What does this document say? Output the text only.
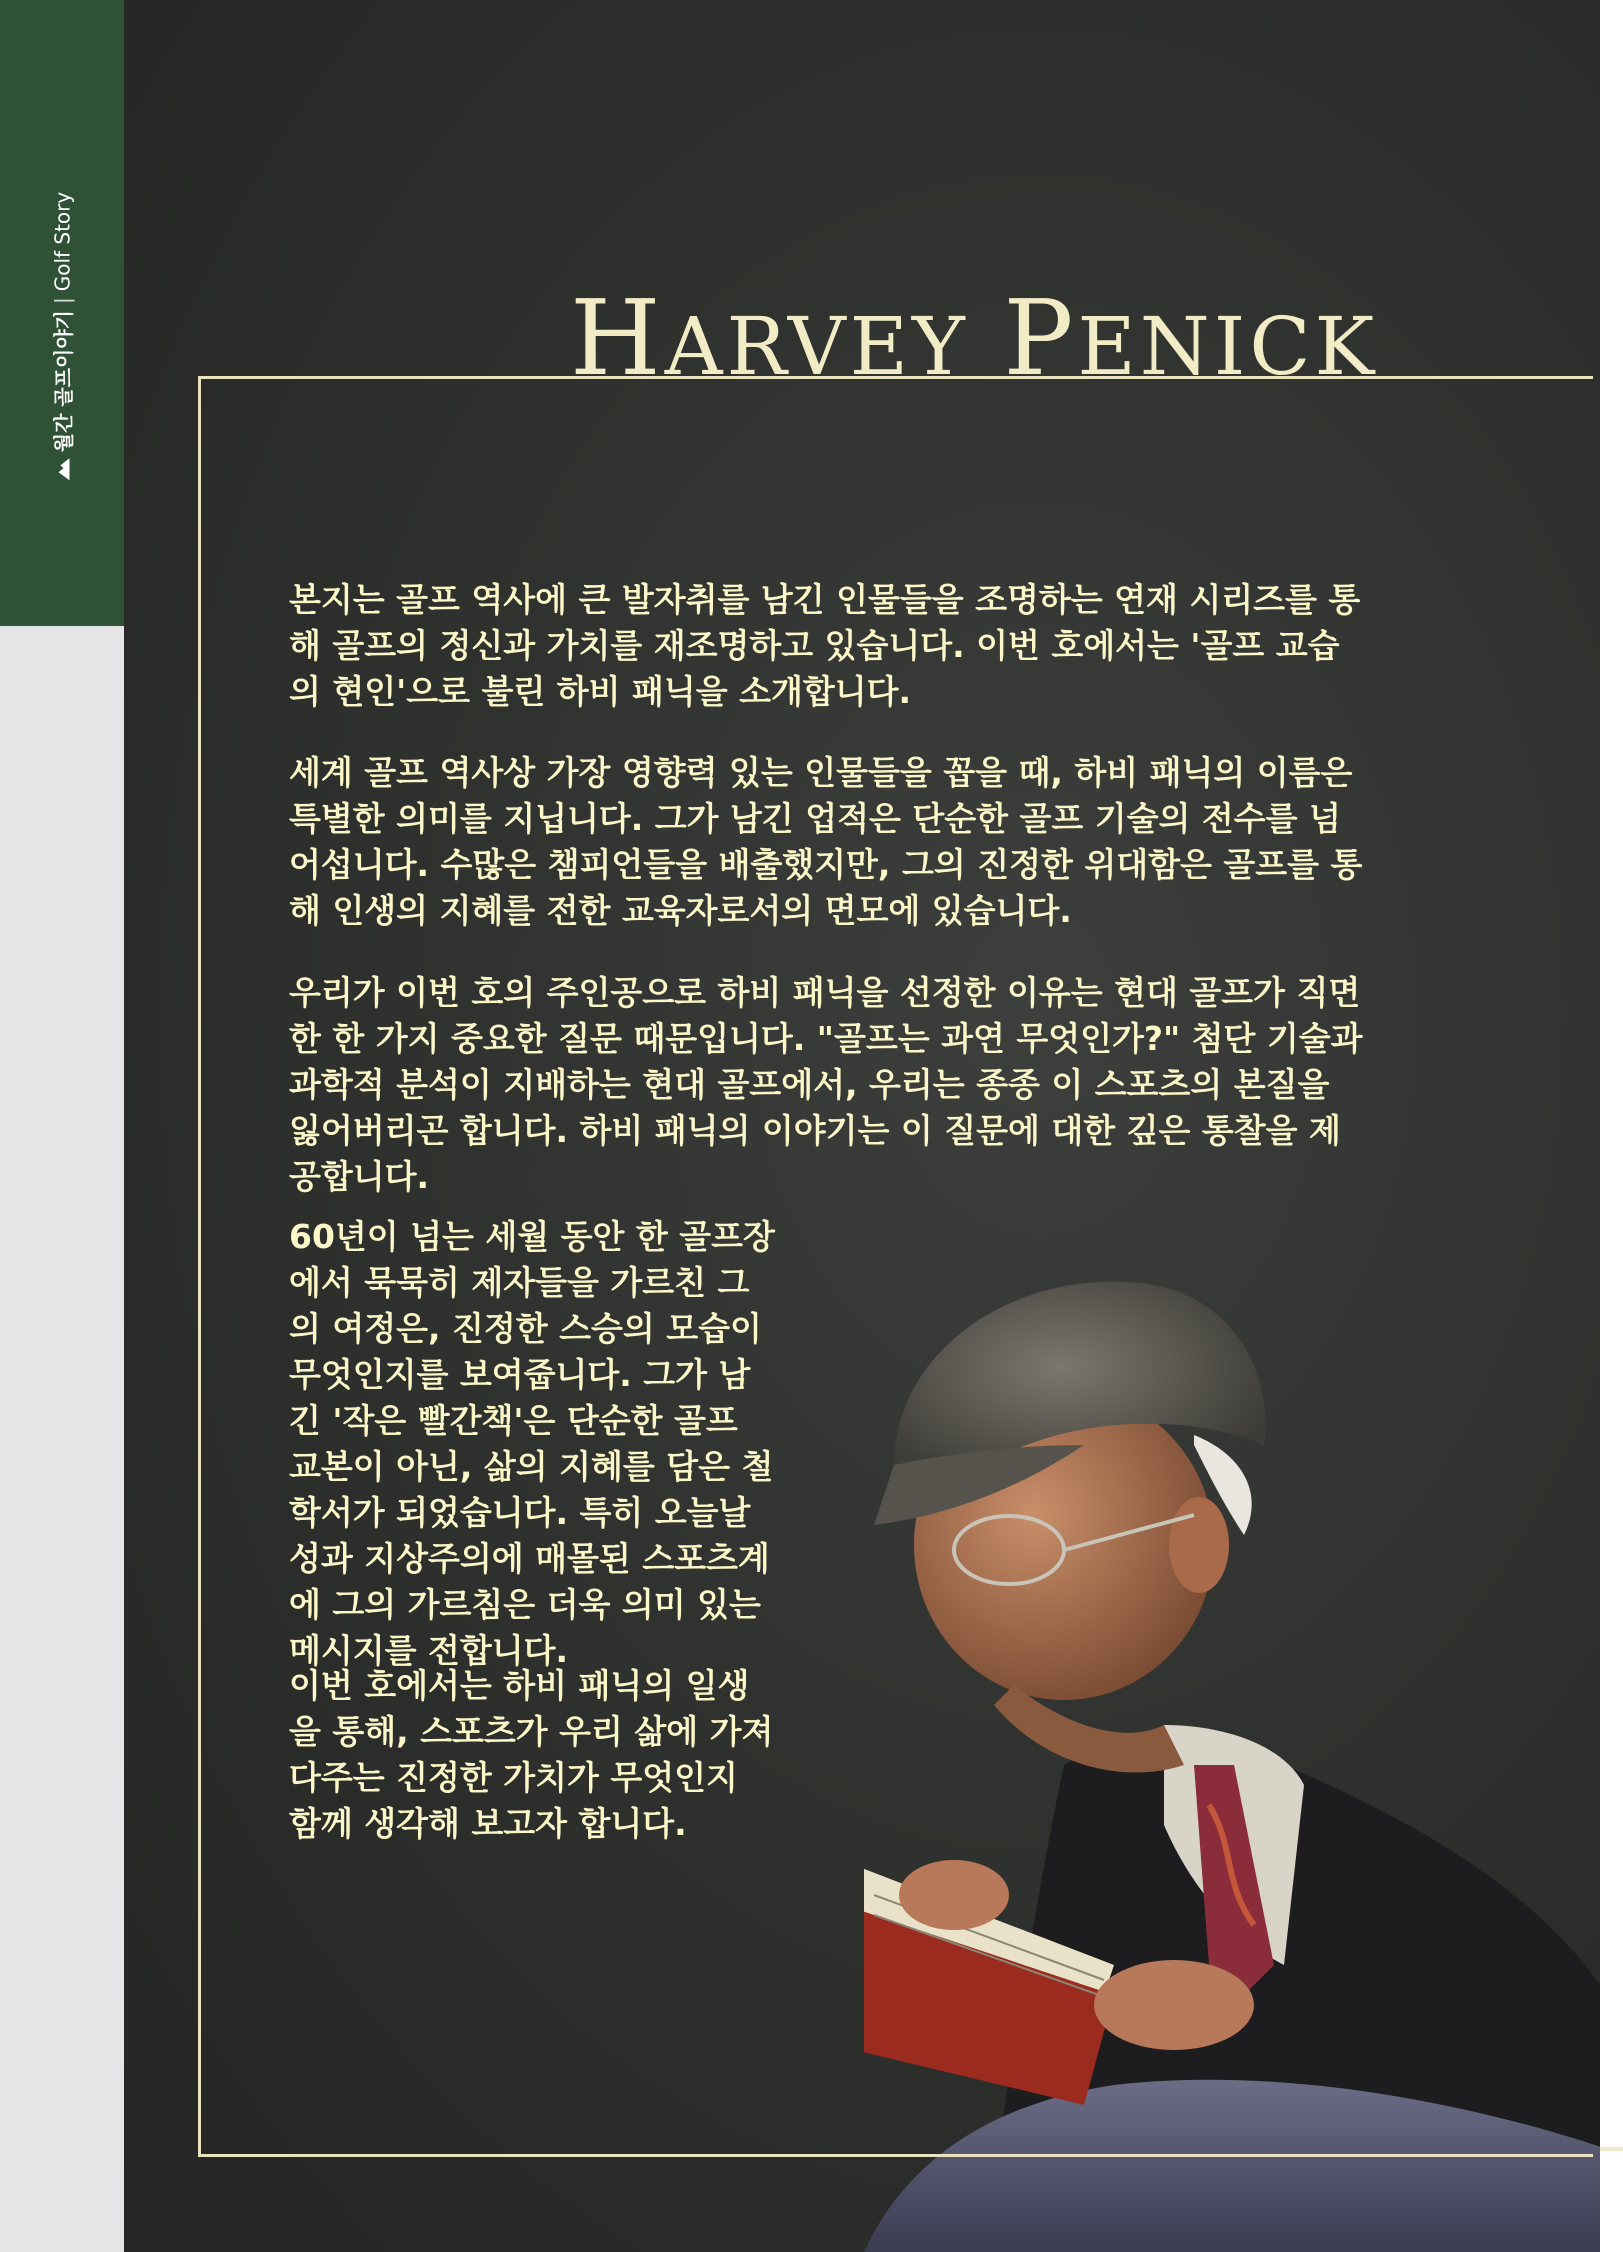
월간 골프이야기
|
Golf Story
HARVEY PENICK
본지는 골프 역사에 큰 발자취를 남긴 인물들을 조명하는 연재 시리즈를 통해 골프의 정신과 가치를 재조명하고 있습니다. 이번 호에서는 '골프 교습의 현인'으로 불린 하비 패닉을 소개합니다.
세계 골프 역사상 가장 영향력 있는 인물들을 꼽을 때, 하비 패닉의 이름은 특별한 의미를 지닙니다. 그가 남긴 업적은 단순한 골프 기술의 전수를 넘어섭니다. 수많은 챔피언들을 배출했지만, 그의 진정한 위대함은 골프를 통해 인생의 지혜를 전한 교육자로서의 면모에 있습니다.
우리가 이번 호의 주인공으로 하비 패닉을 선정한 이유는 현대 골프가 직면한 한 가지 중요한 질문 때문입니다. "골프는 과연 무엇인가?" 첨단 기술과 과학적 분석이 지배하는 현대 골프에서, 우리는 종종 이 스포츠의 본질을 잃어버리곤 합니다. 하비 패닉의 이야기는 이 질문에 대한 깊은 통찰을 제공합니다.
60년이 넘는 세월 동안 한 골프장에서 묵묵히 제자들을 가르친 그의 여정은, 진정한 스승의 모습이 무엇인지를 보여줍니다. 그가 남긴 '작은 빨간책'은 단순한 골프 교본이 아닌, 삶의 지혜를 담은 철학서가 되었습니다. 특히 오늘날 성과 지상주의에 매몰된 스포츠계에 그의 가르침은 더욱 의미 있는 메시지를 전합니다.
이번 호에서는 하비 패닉의 일생을 통해, 스포츠가 우리 삶에 가져다주는 진정한 가치가 무엇인지 함께 생각해 보고자 합니다.
